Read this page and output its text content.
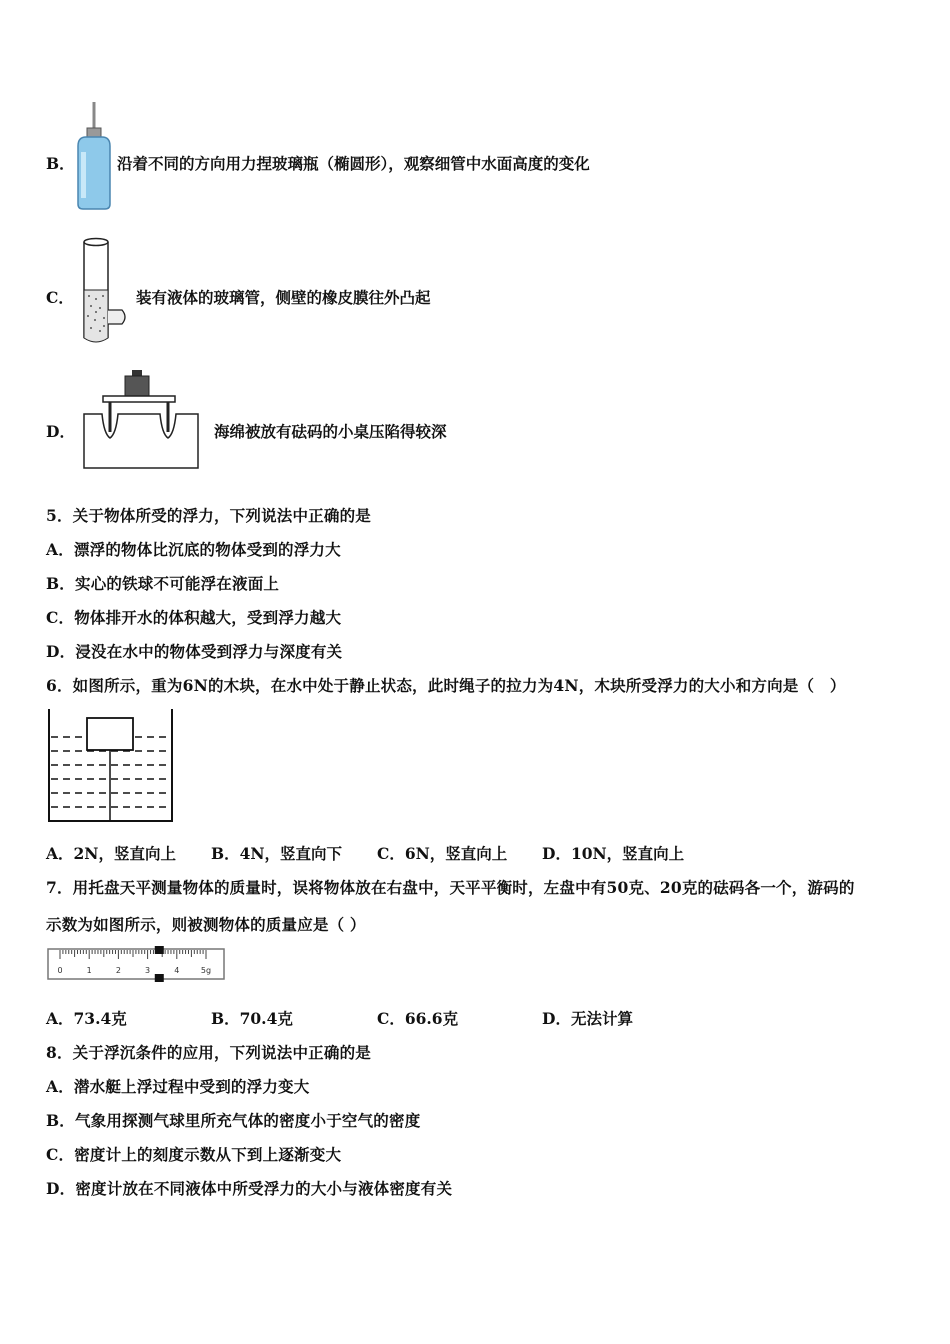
B．	沿着不同的方向用力捏玻璃瓶（椭圆形），观察细管中水面高度的变化
C．	装有液体的玻璃管，侧壁的橡皮膜往外凸起
D．	海绵被放有砝码的小桌压陷得较深
5．关于物体所受的浮力，下列说法中正确的是
A．漂浮的物体比沉底的物体受到的浮力大
B．实心的铁球不可能浮在液面上
C．物体排开水的体积越大，受到浮力越大
D．浸没在水中的物体受到浮力与深度有关
6．如图所示，重为6N的木块，在水中处于静止状态，此时绳子的拉力为4N，木块所受浮力的大小和方向是（　）
A．2N，竖直向上 B．4N，竖直向下 C．6N，竖直向上 D．10N，竖直向上
7．用托盘天平测量物体的质量时，误将物体放在右盘中，天平平衡时，左盘中有50克、20克的砝码各一个，游码的
示数为如图所示，则被测物体的质量应是（ ）
0	1	2	3	4	5g
A．73.4克	B．70.4克	C．66.6克	D．无法计算
8．关于浮沉条件的应用，下列说法中正确的是
A．潜水艇上浮过程中受到的浮力变大
B．气象用探测气球里所充气体的密度小于空气的密度
C．密度计上的刻度示数从下到上逐渐变大
D．密度计放在不同液体中所受浮力的大小与液体密度有关
